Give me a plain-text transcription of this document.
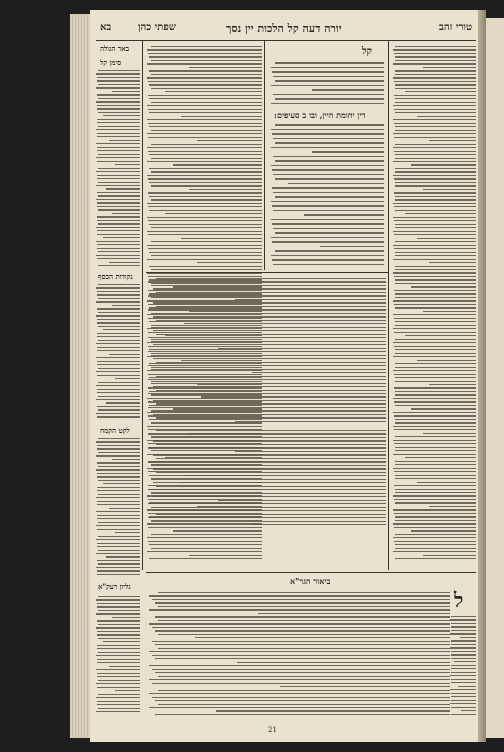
טורי זהב
יורה דעה קל הלכות יין נסך
שפתי כהן
בא
באר הגולה
סימן קל
נקודות הכסף
לקט הקמח
גליון רעק"א
קל
דין יחומת היין, ובו ב סעיפים:
ביאור הגר"א
ל
21
